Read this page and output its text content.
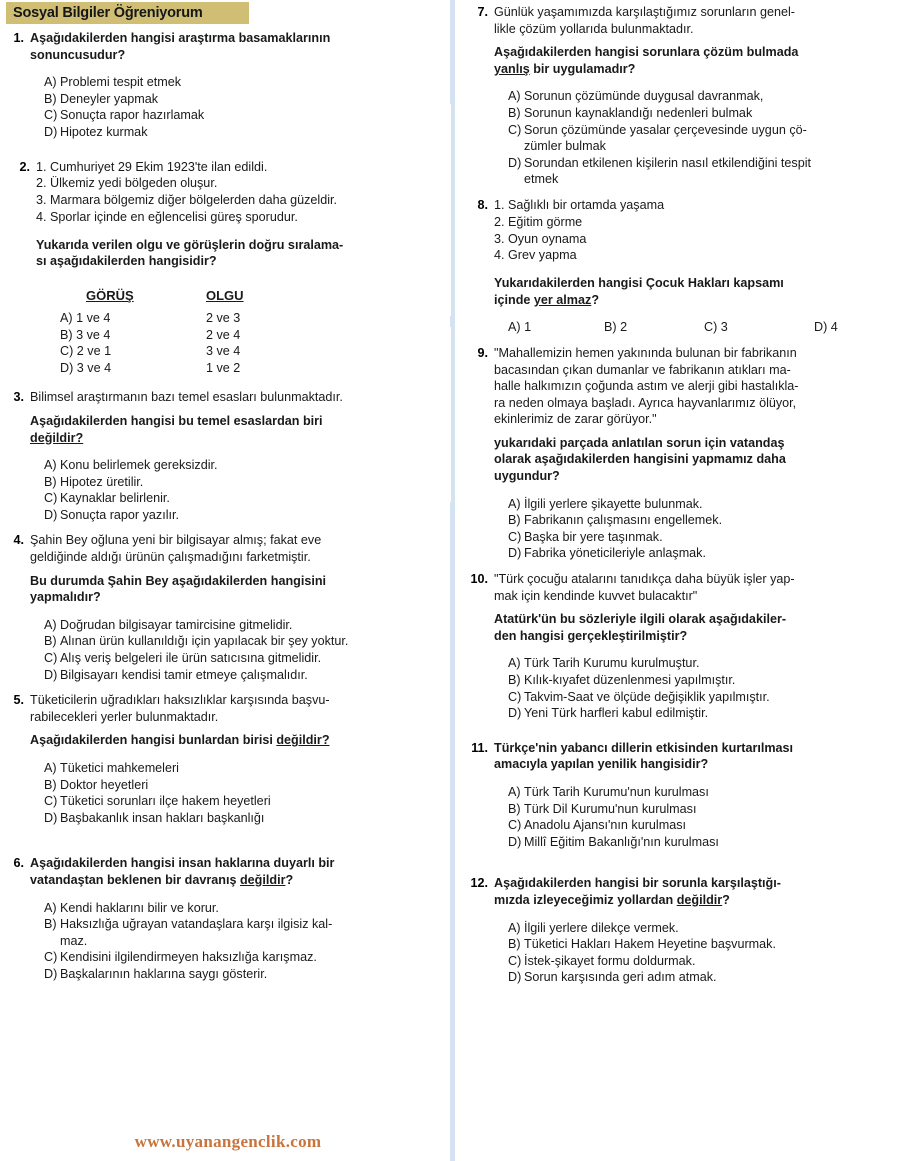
Sosyal Bilgiler Öğreniyorum
1. Aşağıdakilerden hangisi araştırma basamaklarının

sonuncusudur?

A) Problemi tespit etmek
B) Deneyler yapmak
C) Sonuçta rapor hazırlamak
D) Hipotez kurmak
2. 1. Cumhuriyet 29 Ekim 1923'te ilan edildi.
2. Ülkemiz yedi bölgeden oluşur.
3. Marmara bölgemiz diğer bölgelerden daha güzeldir.
4. Sporlar içinde en eğlencelisi güreş sporudur.

Yukarıda verilen olgu ve görüşlerin doğru sıralama-

sı aşağıdakilerden hangisidir?

GÖRÜŞ	OLGU
A) 1 ve 4	2 ve 3
B) 3 ve 4	2 ve 4
C) 2 ve 1	3 ve 4
D) 3 ve 4	1 ve 2
3. Bilimsel araştırmanın bazı temel esasları bulunmaktadır.

Aşağıdakilerden hangisi bu temel esaslardan biri

değildir?

A) Konu belirlemek gereksizdir.
B) Hipotez üretilir.
C) Kaynaklar belirlenir.
D) Sonuçta rapor yazılır.
4. Şahin Bey oğluna yeni bir bilgisayar almış; fakat eve

geldiğinde aldığı ürünün çalışmadığını farketmiştir.

Bu durumda Şahin Bey aşağıdakilerden hangisini

yapmalıdır?

A) Doğrudan bilgisayar tamircisine gitmelidir.
B) Alınan ürün kullanıldığı için yapılacak bir şey yoktur.
C) Alış veriş belgeleri ile ürün satıcısına gitmelidir.
D) Bilgisayarı kendisi tamir etmeye çalışmalıdır.
5. Tüketicilerin uğradıkları haksızlıklar karşısında başvu-

rabilecekleri yerler bulunmaktadır.

Aşağıdakilerden hangisi bunlardan birisi değildir?

A) Tüketici mahkemeleri
B) Doktor heyetleri
C) Tüketici sorunları ilçe hakem heyetleri
D) Başbakanlık insan hakları başkanlığı
6. Aşağıdakilerden hangisi insan haklarına duyarlı bir

vatandaştan beklenen bir davranış değildir?

A) Kendi haklarını bilir ve korur.
B) Haksızlığa uğrayan vatandaşlara karşı ilgisiz kal-
maz.
C) Kendisini ilgilendirmeyen haksızlığa karışmaz.
D) Başkalarının haklarına saygı gösterir.
7. Günlük yaşamımızda karşılaştığımız sorunların genel-

likle çözüm yollarıda bulunmaktadır.

Aşağıdakilerden hangisi sorunlara çözüm bulmada

yanlış bir uygulamadır?

A) Sorunun çözümünde duygusal davranmak,
B) Sorunun kaynaklandığı nedenleri bulmak
C) Sorun çözümünde yasalar çerçevesinde uygun çö-
zümler bulmak
D) Sorundan etkilenen kişilerin nasıl etkilendiğini tespit
etmek
8. 1. Sağlıklı bir ortamda yaşama
2. Eğitim görme
3. Oyun oynama
4. Grev yapma

Yukarıdakilerden hangisi Çocuk Hakları kapsamı

içinde yer almaz?

A) 1	B) 2	C) 3	D) 4
9. "Mahallemizin hemen yakınında bulunan bir fabrikanın

bacasından çıkan dumanlar ve fabrikanın atıkları ma-

halle halkımızın çoğunda astım ve alerji gibi hastalıkla-

ra neden olmaya başladı. Ayrıca hayvanlarımız ölüyor,

ekinlerimiz de zarar görüyor."

yukarıdaki parçada anlatılan sorun için vatandaş

olarak aşağıdakilerden hangisini yapmamız daha

uygundur?

A) İlgili yerlere şikayette bulunmak.
B) Fabrikanın çalışmasını engellemek.
C) Başka bir yere taşınmak.
D) Fabrika yöneticileriyle anlaşmak.
10. "Türk çocuğu atalarını tanıdıkça daha büyük işler yap-

mak için kendinde kuvvet bulacaktır"

Atatürk'ün bu sözleriyle ilgili olarak aşağıdakiler-

den hangisi gerçekleştirilmiştir?

A) Türk Tarih Kurumu kurulmuştur.
B) Kılık-kıyafet düzenlenmesi yapılmıştır.
C) Takvim-Saat ve ölçüde değişiklik yapılmıştır.
D) Yeni Türk harfleri kabul edilmiştir.
11. Türkçe'nin yabancı dillerin etkisinden kurtarılması

amacıyla yapılan yenilik hangisidir?

A) Türk Tarih Kurumu'nun kurulması
B) Türk Dil Kurumu'nun kurulması
C) Anadolu Ajansı'nın kurulması
D) Millî Eğitim Bakanlığı'nın kurulması
12. Aşağıdakilerden hangisi bir sorunla karşılaştığı-

mızda izleyeceğimiz yollardan değildir?

A) İlgili yerlere dilekçe vermek.
B) Tüketici Hakları Hakem Heyetine başvurmak.
C) İstek-şikayet formu doldurmak.
D) Sorun karşısında geri adım atmak.
www.uyanangenclik.com
